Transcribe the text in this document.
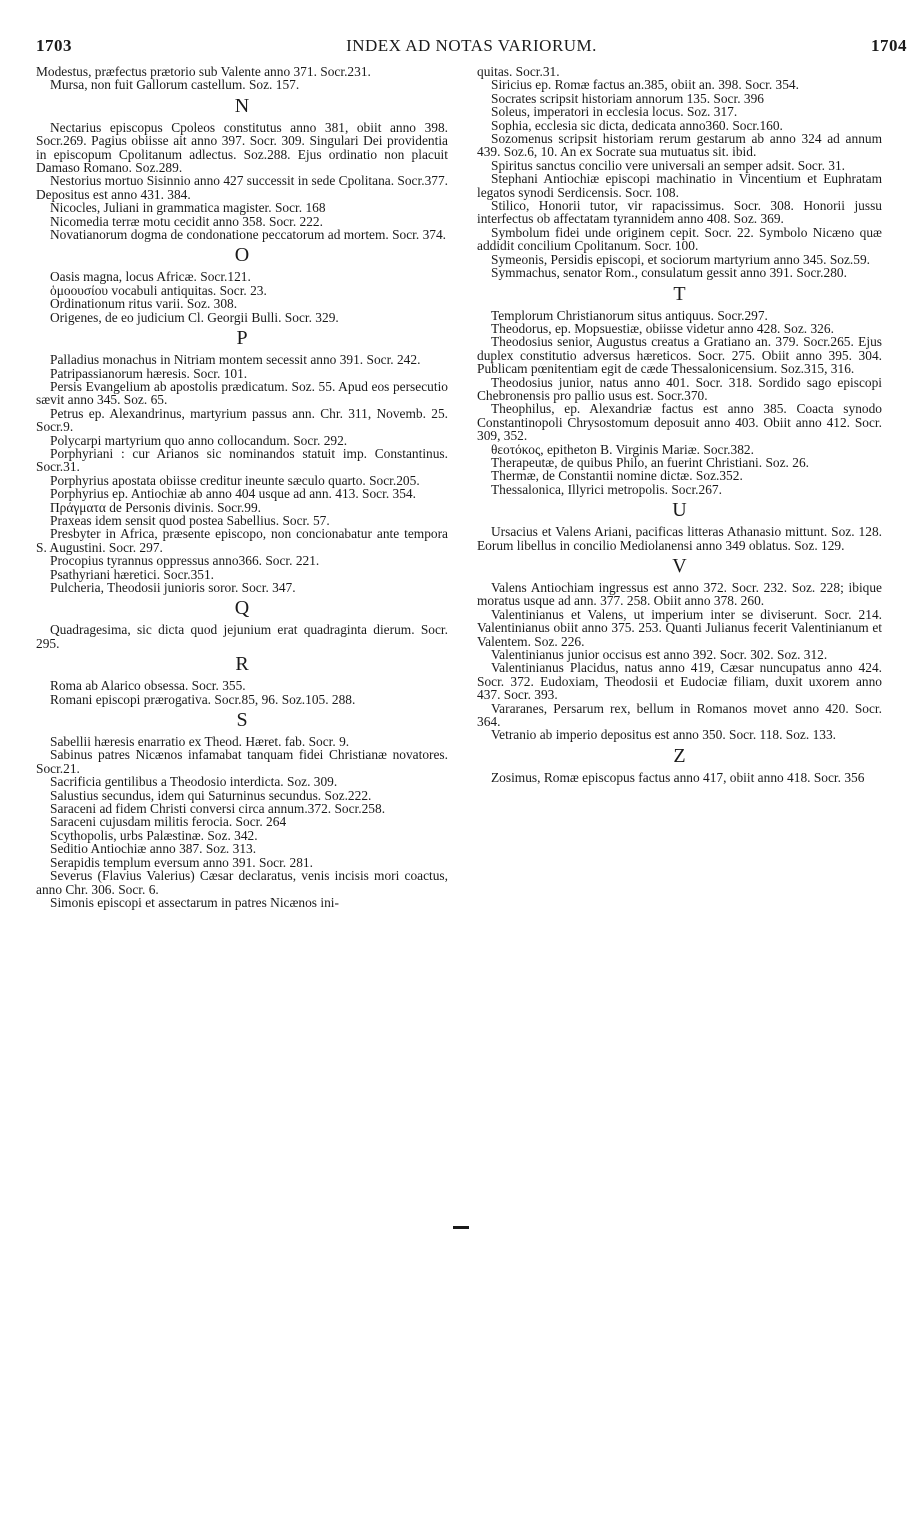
1703	INDEX AD NOTAS VARIORUM.	1704
Modestus, præfectus prætorio sub Valente anno 371. Socr.231.
Mursa, non fuit Gallorum castellum. Soz. 157.
N
Nectarius episcopus Cpoleos constitutus anno 381, obiit anno 398. Socr.269. Pagius obiisse ait anno 397. Socr. 309. Singulari Dei providentia in episcopum Cpolitanum adlectus. Soz.288. Ejus ordinatio non placuit Damaso Romano. Soz.289.
Nestorius mortuo Sisinnio anno 427 successit in sede Cpolitana. Socr.377. Depositus est anno 431. 384.
Nicocles, Juliani in grammatica magister. Socr. 168
Nicomedia terræ motu cecidit anno 358. Socr. 222.
Novatianorum dogma de condonatione peccatorum ad mortem. Socr. 374.
O
Oasis magna, locus Africæ. Socr.121.
ὁμοουσίου vocabuli antiquitas. Socr. 23.
Ordinationum ritus varii. Soz. 308.
Origenes, de eo judicium Cl. Georgii Bulli. Socr. 329.
P
Palladius monachus in Nitriam montem secessit anno 391. Socr. 242.
Patripassianorum hæresis. Socr. 101.
Persis Evangelium ab apostolis prædicatum. Soz. 55. Apud eos persecutio sævit anno 345. Soz. 65.
Petrus ep. Alexandrinus, martyrium passus ann. Chr. 311, Novemb. 25. Socr.9.
Polycarpi martyrium quo anno collocandum. Socr. 292.
Porphyriani : cur Arianos sic nominandos statuit imp. Constantinus. Socr.31.
Porphyrius apostata obiisse creditur ineunte sæculo quarto. Socr.205.
Porphyrius ep. Antiochiæ ab anno 404 usque ad ann. 413. Socr. 354.
Πράγματα de Personis divinis. Socr.99.
Praxeas idem sensit quod postea Sabellius. Socr. 57.
Presbyter in Africa, præsente episcopo, non concionabatur ante tempora S. Augustini. Socr. 297.
Procopius tyrannus oppressus anno366. Socr. 221.
Psathyriani hæretici. Socr.351.
Pulcheria, Theodosii junioris soror. Socr. 347.
Q
Quadragesima, sic dicta quod jejunium erat quadraginta dierum. Socr. 295.
R
Roma ab Alarico obsessa. Socr. 355.
Romani episcopi prærogativa. Socr.85, 96. Soz.105. 288.
S
Sabellii hæresis enarratio ex Theod. Hæret. fab. Socr. 9.
Sabinus patres Nicænos infamabat tanquam fidei Christianæ novatores. Socr.21.
Sacrificia gentilibus a Theodosio interdicta. Soz. 309.
Salustius secundus, idem qui Saturninus secundus. Soz.222.
Saraceni ad fidem Christi conversi circa annum.372. Socr.258.
Saraceni cujusdam militis ferocia. Socr. 264
Scythopolis, urbs Palæstinæ. Soz. 342.
Seditio Antiochiæ anno 387. Soz. 313.
Serapidis templum eversum anno 391. Socr. 281.
Severus (Flavius Valerius) Cæsar declaratus, venis incisis mori coactus, anno Chr. 306. Socr. 6.
Simonis episcopi et assectarum in patres Nicænos ini-
quitas. Socr.31.
Siricius ep. Romæ factus an.385, obiit an. 398. Socr. 354.
Socrates scripsit historiam annorum 135. Socr. 396
Soleus, imperatori in ecclesia locus. Soz. 317.
Sophia, ecclesia sic dicta, dedicata anno360. Socr.160.
Sozomenus scripsit historiam rerum gestarum ab anno 324 ad annum 439. Soz.6, 10. An ex Socrate sua mutuatus sit. ibid.
Spiritus sanctus concilio vere universali an semper adsit. Socr. 31.
Stephani Antiochiæ episcopi machinatio in Vincentium et Euphratam legatos synodi Serdicensis. Socr. 108.
Stilico, Honorii tutor, vir rapacissimus. Socr. 308. Honorii jussu interfectus ob affectatam tyrannidem anno 408. Soz. 369.
Symbolum fidei unde originem cepit. Socr. 22. Symbolo Nicæno quæ addidit concilium Cpolitanum. Socr. 100.
Symeonis, Persidis episcopi, et sociorum martyrium anno 345. Soz.59.
Symmachus, senator Rom., consulatum gessit anno 391. Socr.280.
T
Templorum Christianorum situs antiquus. Socr.297.
Theodorus, ep. Mopsuestiæ, obiisse videtur anno 428. Soz. 326.
Theodosius senior, Augustus creatus a Gratiano an. 379. Socr.265. Ejus duplex constitutio adversus hæreticos. Socr. 275. Obiit anno 395. 304. Publicam pœnitentiam egit de cæde Thessalonicensium. Soz.315, 316.
Theodosius junior, natus anno 401. Socr. 318. Sordido sago episcopi Chebronensis pro pallio usus est. Socr.370.
Theophilus, ep. Alexandriæ factus est anno 385. Coacta synodo Constantinopoli Chrysostomum deposuit anno 403. Obiit anno 412. Socr. 309, 352.
θεοτόκος, epitheton B. Virginis Mariæ. Socr.382.
Therapeutæ, de quibus Philo, an fuerint Christiani. Soz. 26.
Thermæ, de Constantii nomine dictæ. Soz.352.
Thessalonica, Illyrici metropolis. Socr.267.
U
Ursacius et Valens Ariani, pacificas litteras Athanasio mittunt. Soz. 128. Eorum libellus in concilio Mediolanensi anno 349 oblatus. Soz. 129.
V
Valens Antiochiam ingressus est anno 372. Socr. 232. Soz. 228; ibique moratus usque ad ann. 377. 258. Obiit anno 378. 260.
Valentinianus et Valens, ut imperium inter se diviserunt. Socr. 214. Valentinianus obiit anno 375. 253. Quanti Julianus fecerit Valentinianum et Valentem. Soz. 226.
Valentinianus junior occisus est anno 392. Socr. 302. Soz. 312.
Valentinianus Placidus, natus anno 419, Cæsar nuncupatus anno 424. Socr. 372. Eudoxiam, Theodosii et Eudociæ filiam, duxit uxorem anno 437. Socr. 393.
Vararanes, Persarum rex, bellum in Romanos movet anno 420. Socr. 364.
Vetranio ab imperio depositus est anno 350. Socr. 118. Soz. 133.
Z
Zosimus, Romæ episcopus factus anno 417, obiit anno 418. Socr. 356
